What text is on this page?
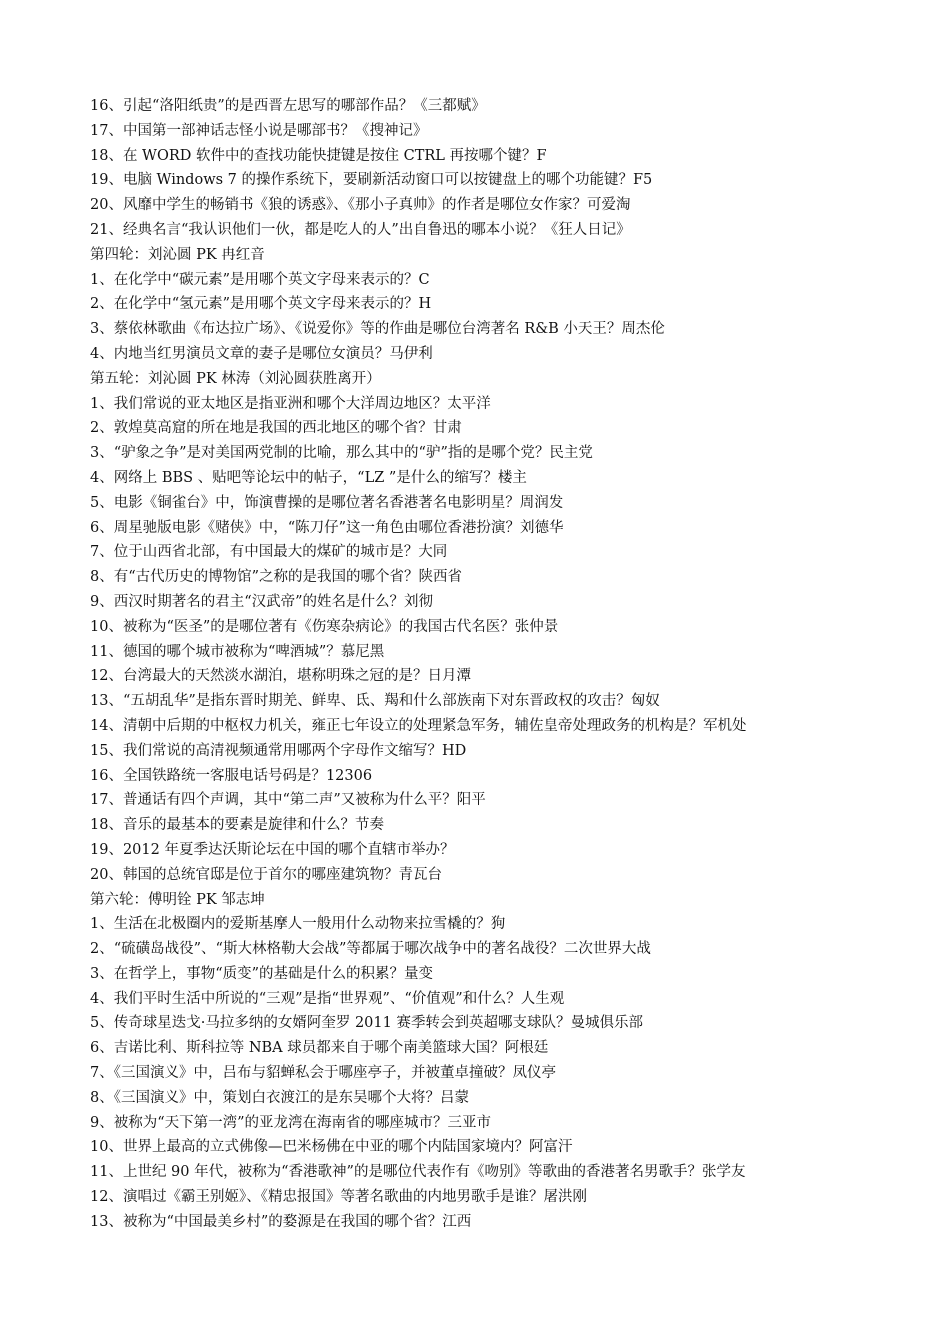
16、引起“洛阳纸贵”的是西晋左思写的哪部作品？《三都赋》
17、中国第一部神话志怪小说是哪部书？《搜神记》
18、在 WORD 软件中的查找功能快捷键是按住 CTRL 再按哪个键？F
19、电脑 Windows 7 的操作系统下，要刷新活动窗口可以按键盘上的哪个功能键？F5
20、风靡中学生的畅销书《狼的诱惑》、《那小子真帅》的作者是哪位女作家？可爱淘
21、经典名言“我认识他们一伙，都是吃人的人”出自鲁迅的哪本小说？《狂人日记》
第四轮：刘沁圆 PK 冉红音
1、在化学中“碳元素”是用哪个英文字母来表示的？C
2、在化学中“氢元素”是用哪个英文字母来表示的？H
3、蔡依林歌曲《布达拉广场》、《说爱你》等的作曲是哪位台湾著名 R&B 小天王？周杰伦
4、内地当红男演员文章的妻子是哪位女演员？马伊利
第五轮：刘沁圆 PK 林涛（刘沁圆获胜离开）
1、我们常说的亚太地区是指亚洲和哪个大洋周边地区？太平洋
2、敦煌莫高窟的所在地是我国的西北地区的哪个省？甘肃
3、“驴象之争”是对美国两党制的比喻，那么其中的“驴”指的是哪个党？民主党
4、网络上 BBS 、贴吧等论坛中的帖子，“LZ ”是什么的缩写？楼主
5、电影《铜雀台》中，饰演曹操的是哪位著名香港著名电影明星？周润发
6、周星驰版电影《赌侠》中，“陈刀仔”这一角色由哪位香港扮演？刘德华
7、位于山西省北部，有中国最大的煤矿的城市是？大同
8、有“古代历史的博物馆”之称的是我国的哪个省？陕西省
9、西汉时期著名的君主“汉武帝”的姓名是什么？刘彻
10、被称为“医圣”的是哪位著有《伤寒杂病论》的我国古代名医？张仲景
11、德国的哪个城市被称为“啤酒城”？慕尼黑
12、台湾最大的天然淡水湖泊，堪称明珠之冠的是？日月潭
13、“五胡乱华”是指东晋时期羌、鲜卑、氐、羯和什么部族南下对东晋政权的攻击？匈奴
14、清朝中后期的中枢权力机关，雍正七年设立的处理紧急军务，辅佐皇帝处理政务的机构是？军机处
15、我们常说的高清视频通常用哪两个字母作文缩写？HD
16、全国铁路统一客服电话号码是？12306
17、普通话有四个声调，其中“第二声”又被称为什么平？阳平
18、音乐的最基本的要素是旋律和什么？节奏
19、2012 年夏季达沃斯论坛在中国的哪个直辖市举办？
20、韩国的总统官邸是位于首尔的哪座建筑物？青瓦台
第六轮：傅明铨 PK 邹志坤
1、生活在北极圈内的爱斯基摩人一般用什么动物来拉雪橇的？狗
2、“硫磺岛战役”、“斯大林格勒大会战”等都属于哪次战争中的著名战役？二次世界大战
3、在哲学上，事物“质变”的基础是什么的积累？量变
4、我们平时生活中所说的“三观”是指“世界观”、“价值观”和什么？人生观
5、传奇球星迭戈·马拉多纳的女婿阿奎罗 2011 赛季转会到英超哪支球队？曼城俱乐部
6、吉诺比利、斯科拉等 NBA 球员都来自于哪个南美篮球大国？阿根廷
7、《三国演义》中，吕布与貂蝉私会于哪座亭子，并被董卓撞破？凤仪亭
8、《三国演义》中，策划白衣渡江的是东吴哪个大将？吕蒙
9、被称为“天下第一湾”的亚龙湾在海南省的哪座城市？三亚市
10、世界上最高的立式佛像—巴米杨佛在中亚的哪个内陆国家境内？阿富汗
11、上世纪 90 年代，被称为“香港歌神”的是哪位代表作有《吻别》等歌曲的香港著名男歌手？张学友
12、演唱过《霸王别姬》、《精忠报国》等著名歌曲的内地男歌手是谁？屠洪刚
13、被称为“中国最美乡村”的婺源是在我国的哪个省？江西
